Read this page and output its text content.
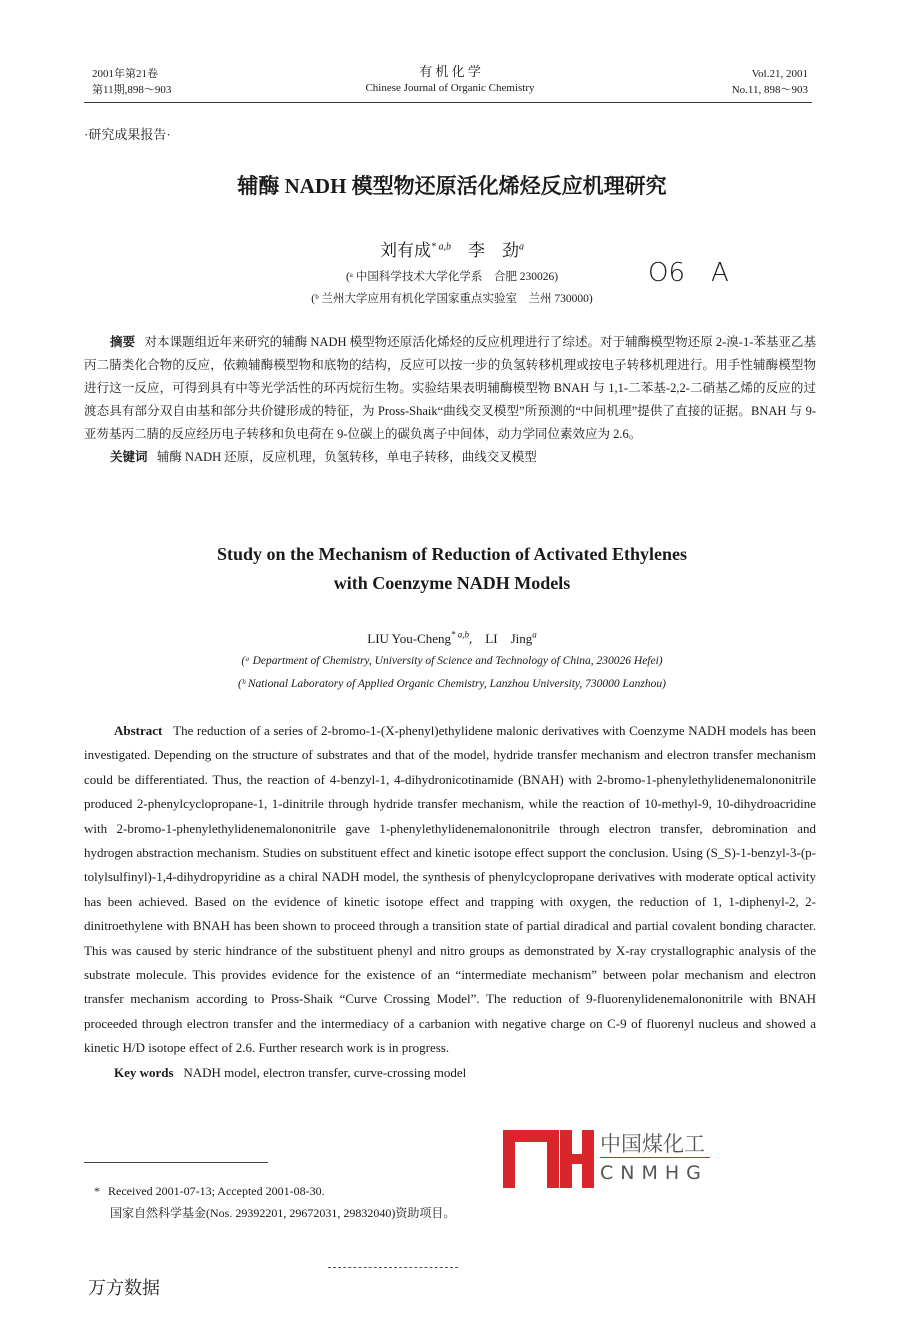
2001年第21卷
第11期,898～903
有 机 化 学
Chinese Journal of Organic Chemistry
Vol.21, 2001
No.11, 898～903
·研究成果报告·
辅酶 NADH 模型物还原活化烯烃反应机理研究
刘有成$^{* a,b}$ 李　劲$^a$
(ᵃ 中国科学技术大学化学系　合肥 230026)
(ᵇ 兰州大学应用有机化学国家重点实验室　兰州 730000)
O6　A
摘要 对本课题组近年来研究的辅酶 NADH 模型物还原活化烯烃的反应机理进行了综述。对于辅酶模型物还原 2-溴-1-苯基亚乙基丙二腈类化合物的反应，依赖辅酶模型物和底物的结构，反应可以按一步的负氢转移机理或按电子转移机理进行。用手性辅酶模型物进行这一反应，可得到具有中等光学活性的环丙烷衍生物。实验结果表明辅酶模型物 BNAH 与 1,1-二苯基-2,2-二硝基乙烯的反应的过渡态具有部分双自由基和部分共价键形成的特征，为 Pross-Shaik“曲线交叉模型”所预测的“中间机理”提供了直接的证据。BNAH 与 9-亚芴基丙二腈的反应经历电子转移和负电荷在 9-位碳上的碳负离子中间体，动力学同位素效应为 2.6。
关键词 辅酶 NADH 还原，反应机理，负氢转移，单电子转移，曲线交叉模型
Study on the Mechanism of Reduction of Activated Ethylenes
with Coenzyme NADH Models
LIU You-Cheng$^{* a,b}$,    LI　Jing$^a$
(ᵃ Department of Chemistry, University of Science and Technology of China, 230026 Hefei)
(ᵇ National Laboratory of Applied Organic Chemistry, Lanzhou University, 730000 Lanzhou)
Abstract The reduction of a series of 2-bromo-1-(X-phenyl)ethylidene malonic derivatives with Coenzyme NADH models has been investigated. Depending on the structure of substrates and that of the model, hydride transfer mechanism and electron transfer mechanism could be differentiated. Thus, the reaction of 4-benzyl-1, 4-dihydronicotinamide (BNAH) with 2-bromo-1-phenylethylidenemalononitrile produced 2-phenylcyclopropane-1, 1-dinitrile through hydride transfer mechanism, while the reaction of 10-methyl-9, 10-dihydroacridine with 2-bromo-1-phenylethylidenemalononitrile gave 1-phenylethylidenemalononitrile through electron transfer, debromination and hydrogen abstraction mechanism. Studies on substituent effect and kinetic isotope effect support the conclusion. Using (S_S)-1-benzyl-3-(p-tolylsulfinyl)-1,4-dihydropyridine as a chiral NADH model, the synthesis of phenylcyclopropane derivatives with moderate optical activity has been achieved. Based on the evidence of kinetic isotope effect and trapping with oxygen, the reduction of 1, 1-diphenyl-2, 2-dinitroethylene with BNAH has been shown to proceed through a transition state of partial diradical and partial covalent bonding character. This was caused by steric hindrance of the substituent phenyl and nitro groups as demonstrated by X-ray crystallographic analysis of the substrate molecule. This provides evidence for the existence of an “intermediate mechanism” between polar mechanism and electron transfer mechanism according to Pross-Shaik “Curve Crossing Model”. The reduction of 9-fluorenylidenemalononitrile with BNAH proceeded through electron transfer and the intermediacy of a carbanion with negative charge on C-9 of fluorenyl nucleus and showed a kinetic H/D isotope effect of 2.6. Further research work is in progress.
Key words NADH model, electron transfer, curve-crossing model
* Received 2001-07-13; Accepted 2001-08-30.
国家自然科学基金(Nos. 29392201, 29672031, 29832040)资助项目。
中国煤化工
CNMHG
万方数据
